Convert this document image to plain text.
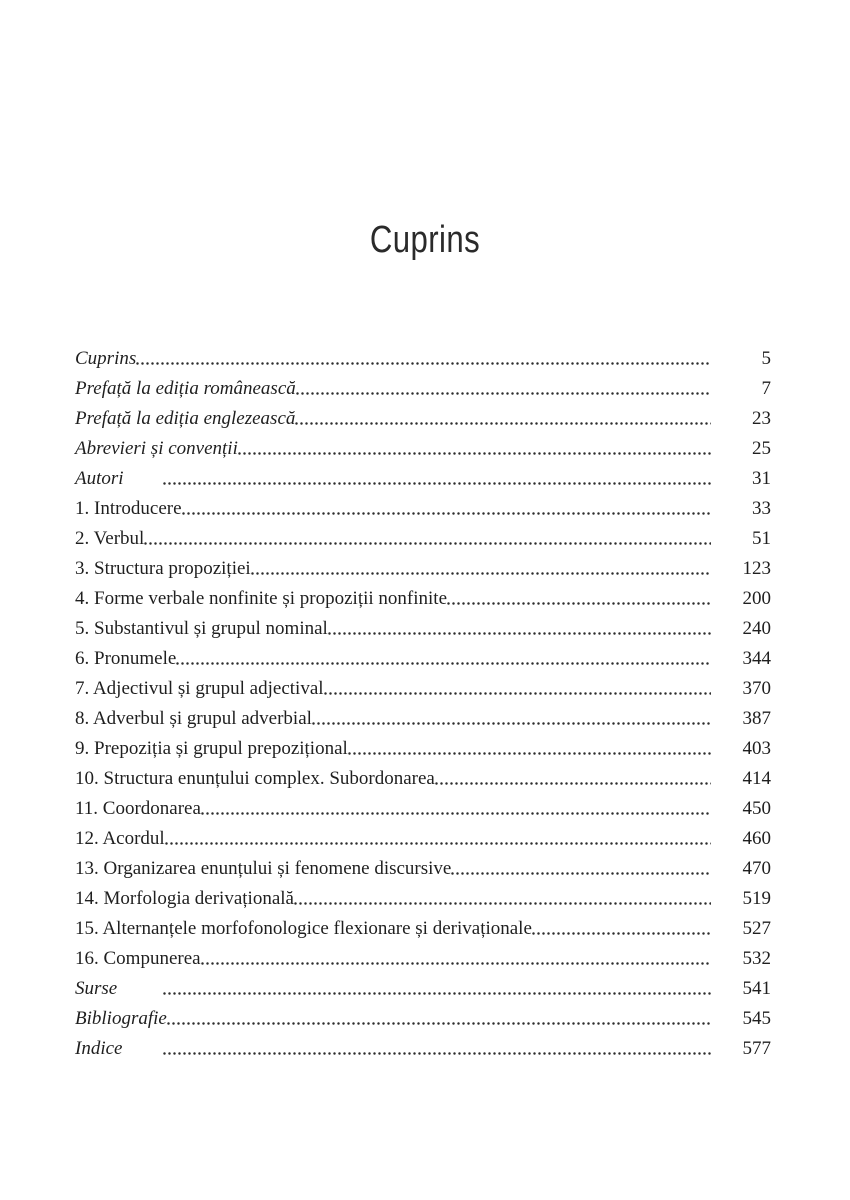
Cuprins
Cuprins	5
Prefață la ediția românească	7
Prefață la ediția englezească	23
Abrevieri și convenții	25
Autori	31
1. Introducere	33
2. Verbul	51
3. Structura propoziției	123
4. Forme verbale nonfinite și propoziții nonfinite	200
5. Substantivul și grupul nominal	240
6. Pronumele	344
7. Adjectivul și grupul adjectival	370
8. Adverbul și grupul adverbial	387
9. Prepoziția și grupul prepozițional	403
10. Structura enunțului complex. Subordonarea	414
11. Coordonarea	450
12. Acordul	460
13. Organizarea enunțului și fenomene discursive	470
14. Morfologia derivațională	519
15. Alternanțele morfofonologice flexionare și derivaționale	527
16. Compunerea	532
Surse	541
Bibliografie	545
Indice	577
